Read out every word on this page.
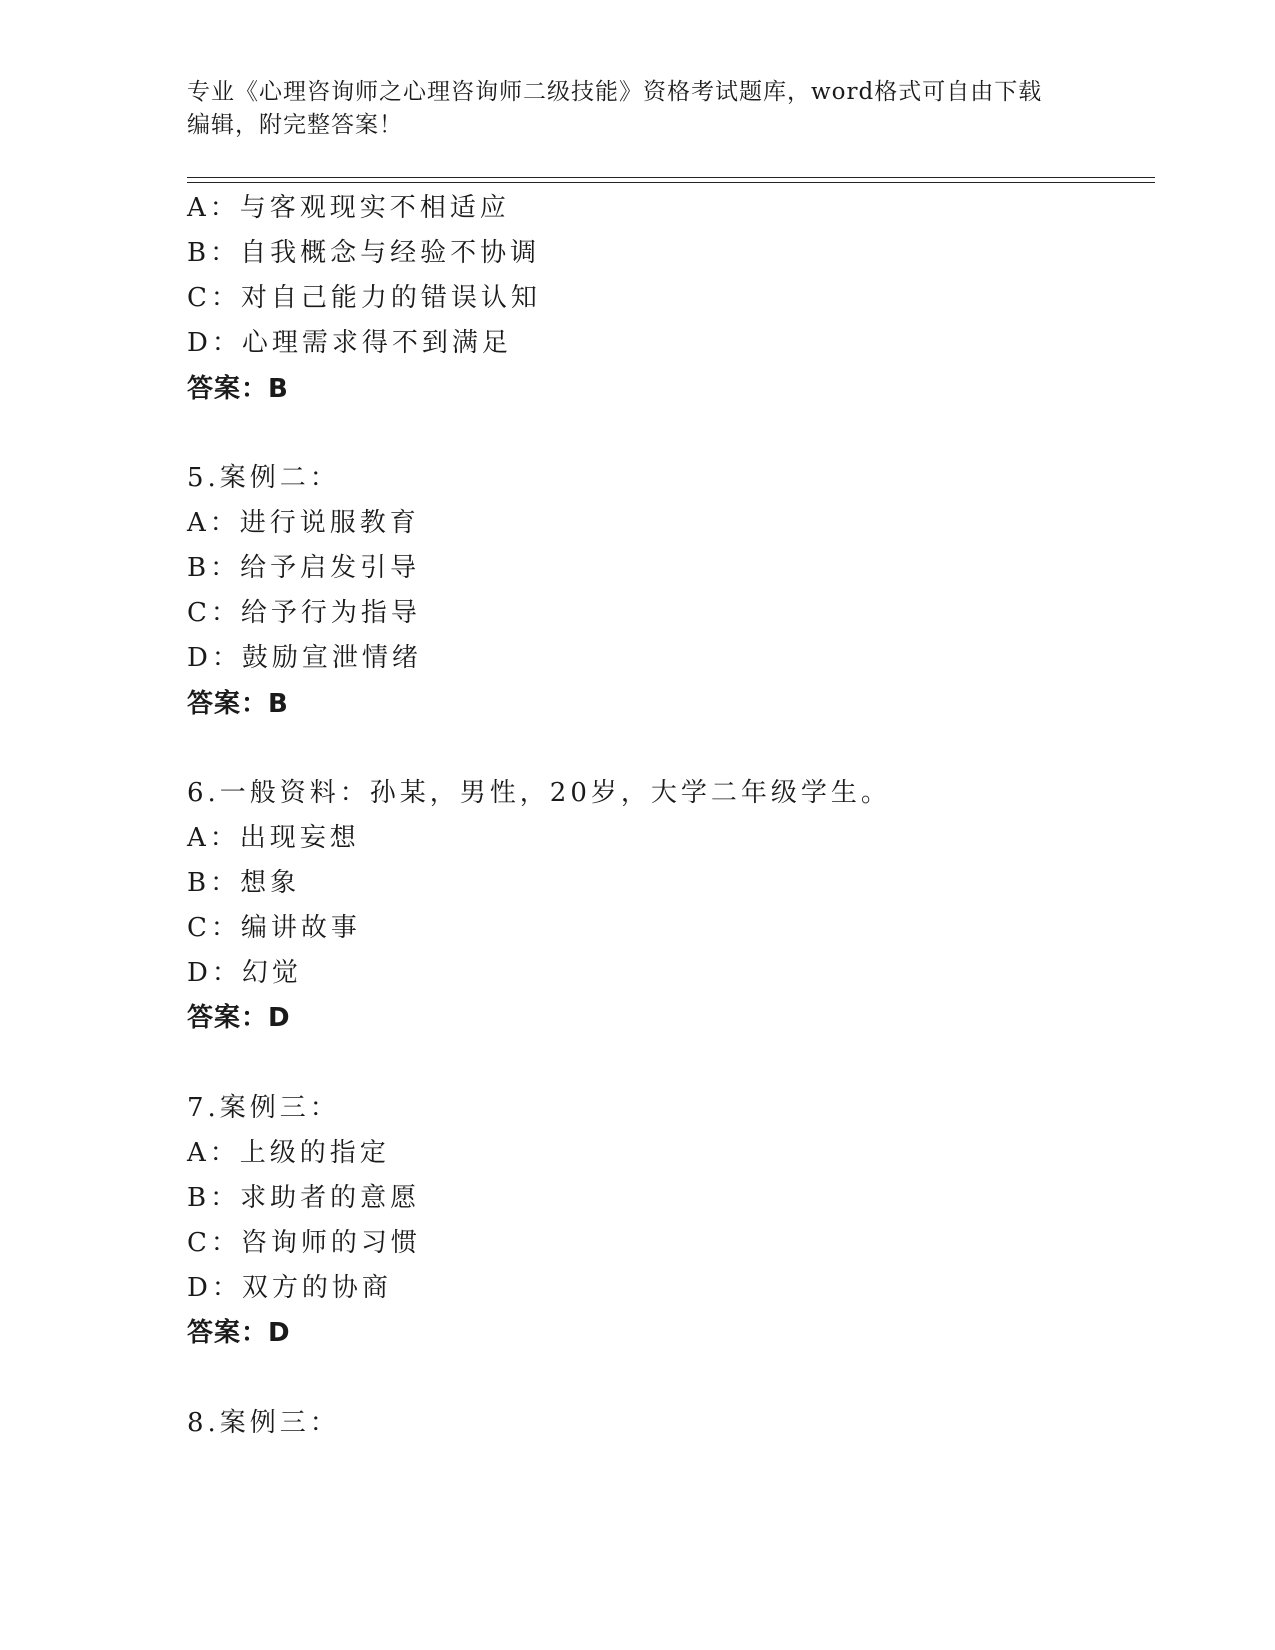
专业《心理咨询师之心理咨询师二级技能》资格考试题库，word格式可自由下载
编辑，附完整答案！
A：与客观现实不相适应
B：自我概念与经验不协调
C：对自己能力的错误认知
D：心理需求得不到满足
答案：B
5.案例二：
A：进行说服教育
B：给予启发引导
C：给予行为指导
D：鼓励宣泄情绪
答案：B
6.一般资料：孙某，男性，20岁，大学二年级学生。
A：出现妄想
B：想象
C：编讲故事
D：幻觉
答案：D
7.案例三：
A：上级的指定
B：求助者的意愿
C：咨询师的习惯
D：双方的协商
答案：D
8.案例三：
